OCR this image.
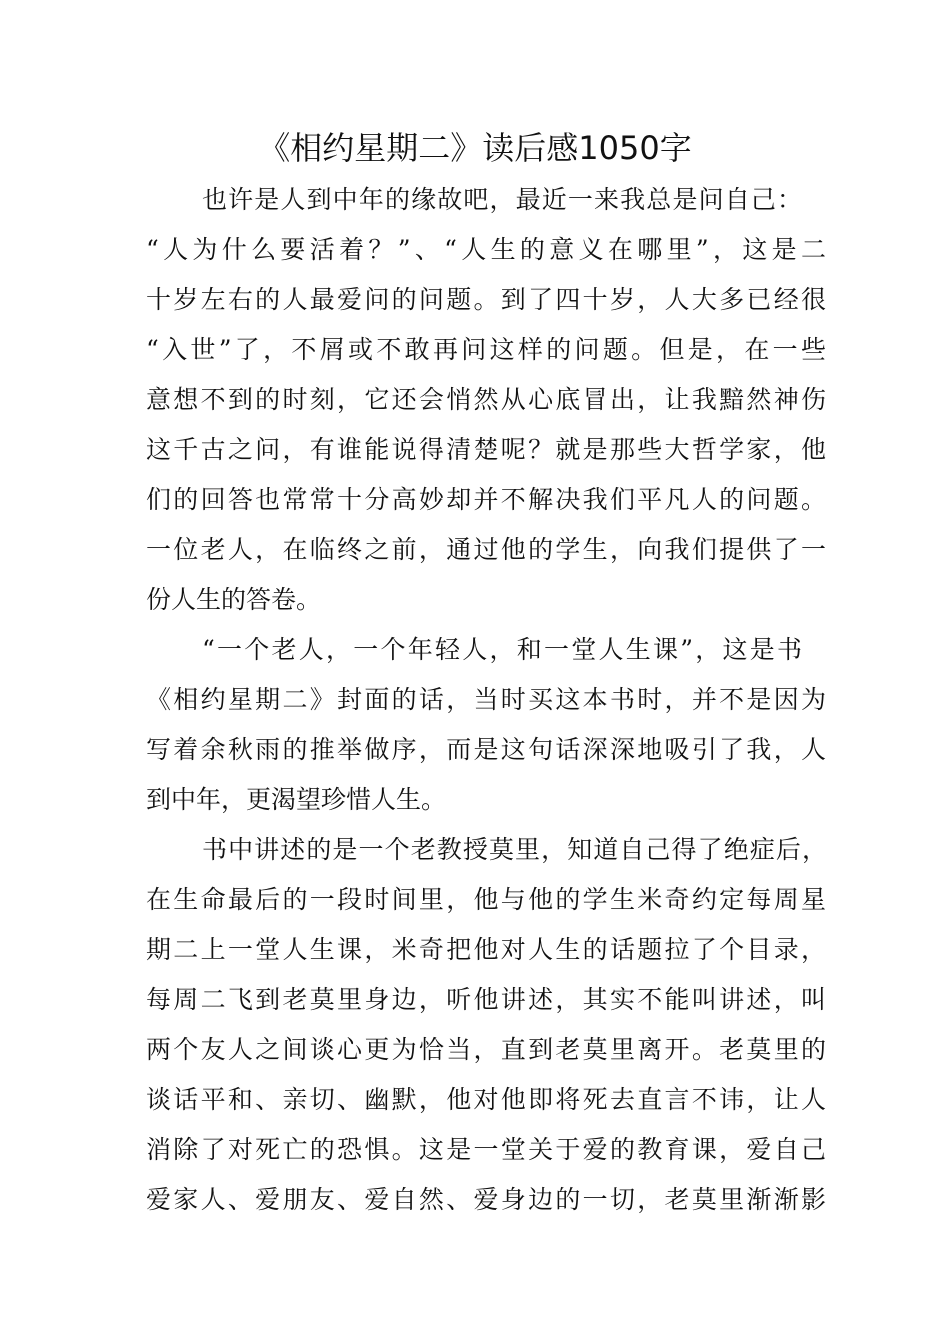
《相约星期二》读后感1050字
也许是人到中年的缘故吧，最近一来我总是问自己：
“人为什么要活着？”、“人生的意义在哪里”，这是二
十岁左右的人最爱问的问题。到了四十岁，人大多已经很
“入世”了，不屑或不敢再问这样的问题。但是，在一些
意想不到的时刻，它还会悄然从心底冒出，让我黯然神伤
这千古之问，有谁能说得清楚呢？就是那些大哲学家，他
们的回答也常常十分高妙却并不解决我们平凡人的问题。
一位老人，在临终之前，通过他的学生，向我们提供了一
份人生的答卷。
“一个老人，一个年轻人，和一堂人生课”，这是书
《相约星期二》封面的话，当时买这本书时，并不是因为
写着余秋雨的推举做序，而是这句话深深地吸引了我，人
到中年，更渴望珍惜人生。
书中讲述的是一个老教授莫里，知道自己得了绝症后，
在生命最后的一段时间里，他与他的学生米奇约定每周星
期二上一堂人生课，米奇把他对人生的话题拉了个目录，
每周二飞到老莫里身边，听他讲述，其实不能叫讲述，叫
两个友人之间谈心更为恰当，直到老莫里离开。老莫里的
谈话平和、亲切、幽默，他对他即将死去直言不讳，让人
消除了对死亡的恐惧。这是一堂关于爱的教育课，爱自己
爱家人、爱朋友、爱自然、爱身边的一切，老莫里渐渐影
